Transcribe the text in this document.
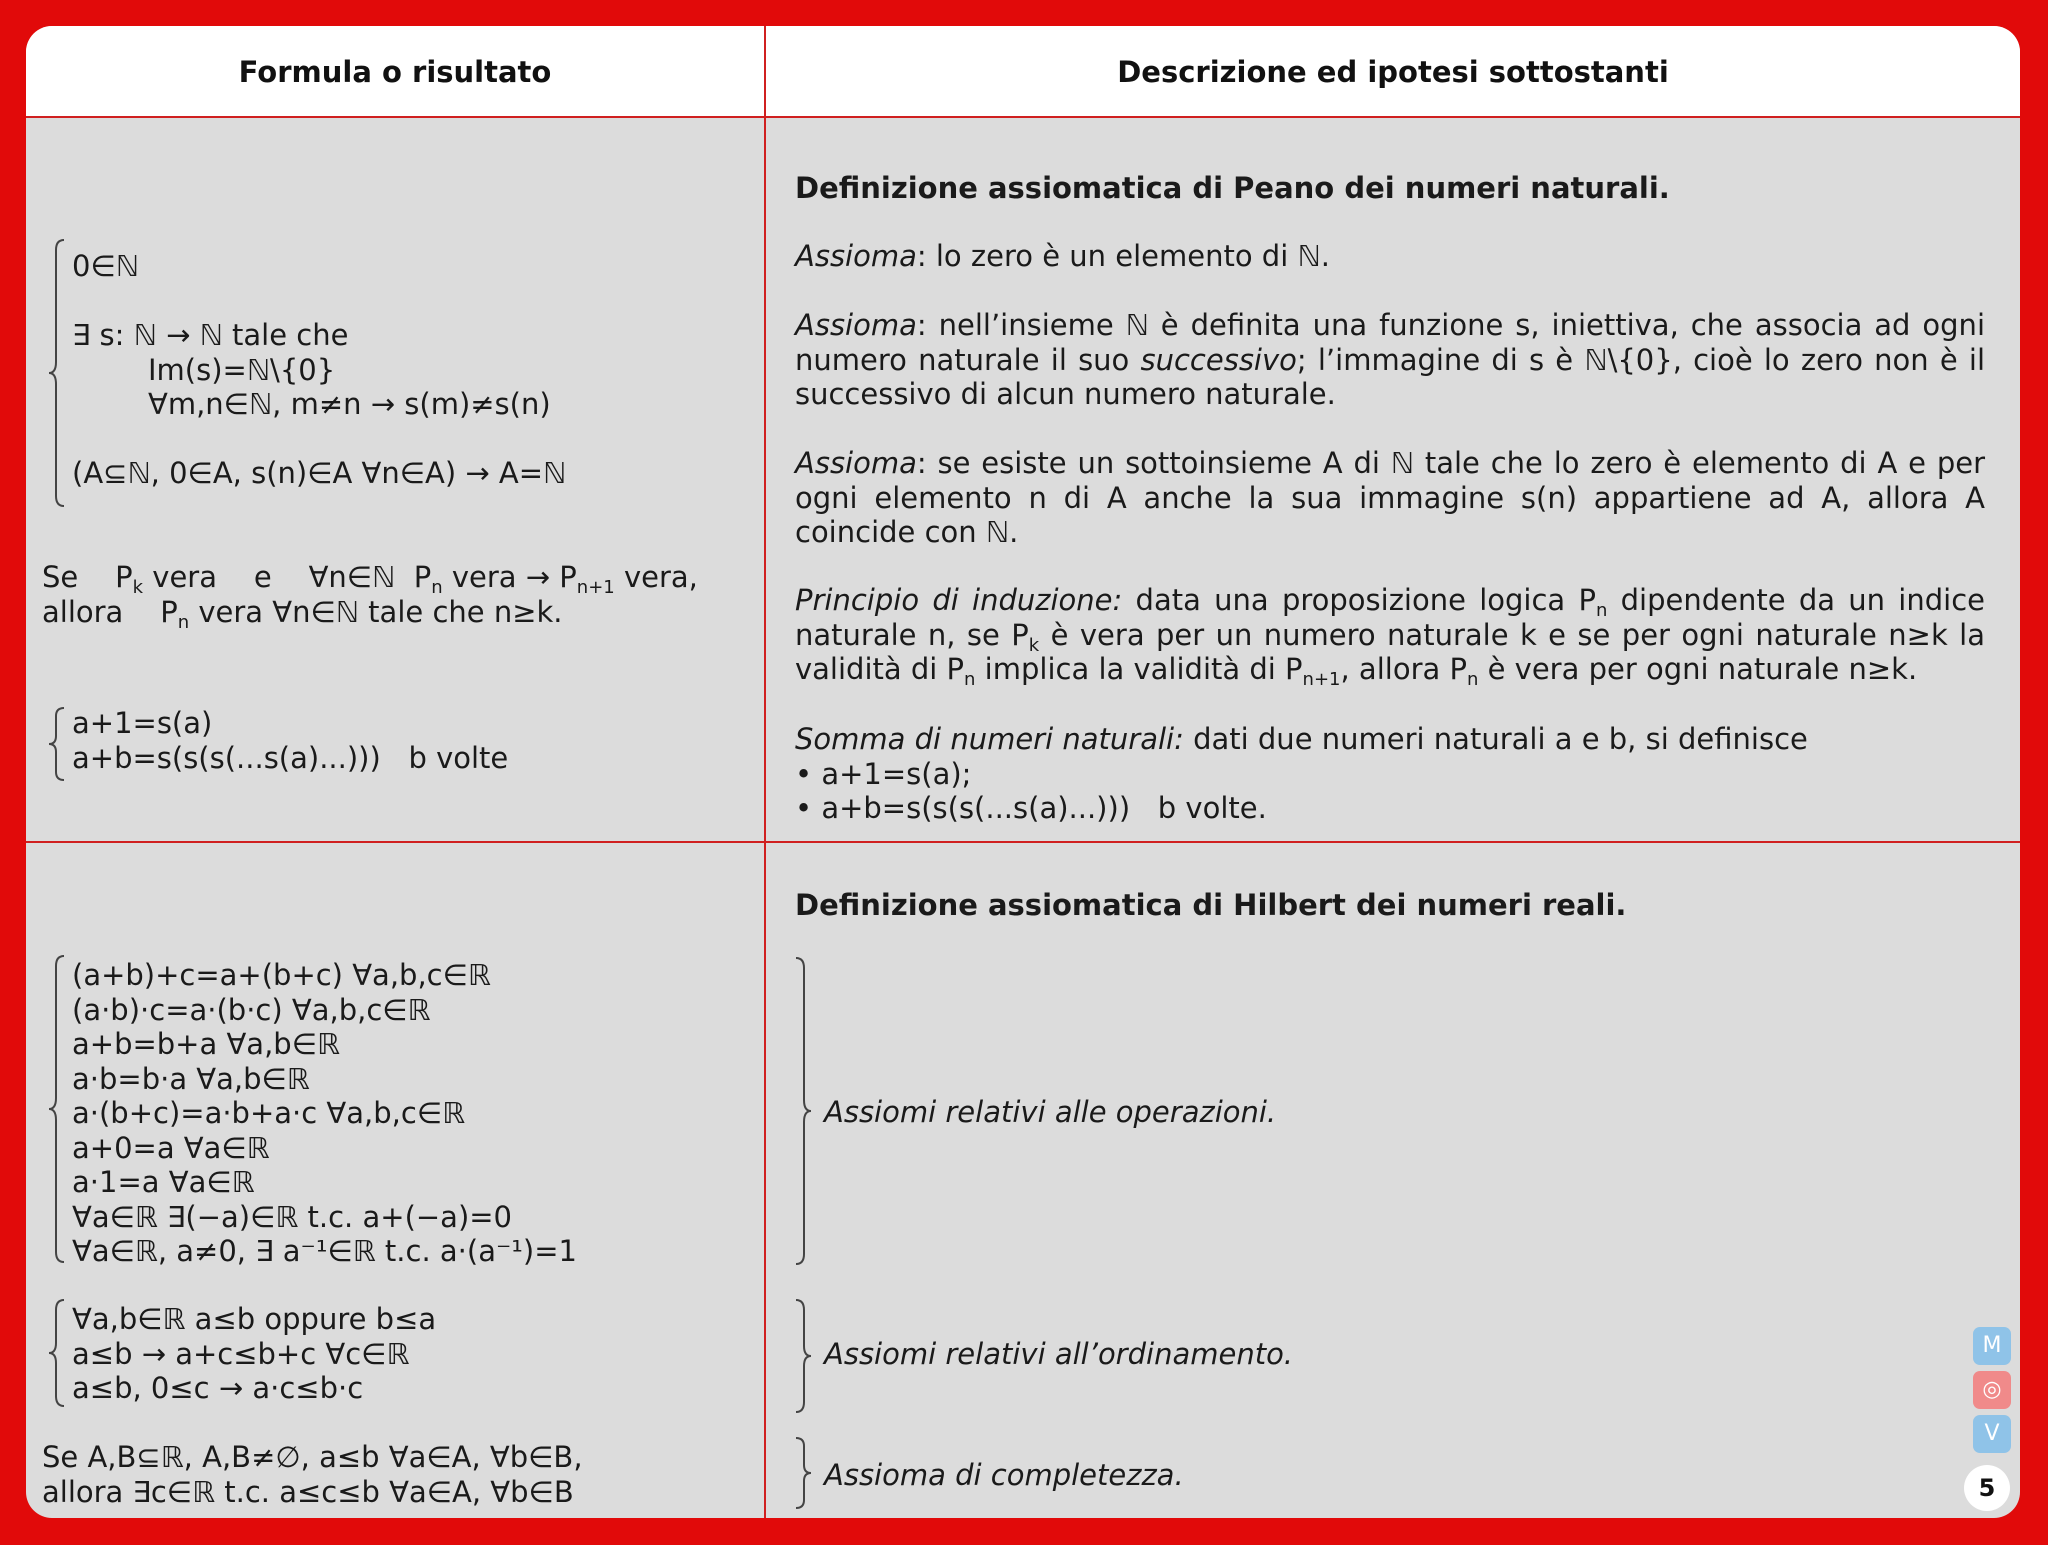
Formula o risultato	Descrizione ed ipotesi sottostanti
0∈ℕ
∃ s: ℕ → ℕ tale che
Im(s)=ℕ\{0}
∀m,n∈ℕ, m≠n → s(m)≠s(n)
(A⊆ℕ, 0∈A, s(n)∈A ∀n∈A) → A=ℕ
Se $P_k$ vera e ∀n∈ℕ $P_n$ vera → $P_{n+1}$ vera,
allora $P_n$ vera ∀n∈ℕ tale che n≥k.
a+1=s(a)
a+b=s(s(s(...s(a)...))) b volte
Definizione assiomatica di Peano dei numeri naturali.
Assioma: lo zero è un elemento di ℕ.
Assioma: nell’insieme ℕ è definita una funzione s, iniettiva, che associa ad ogni numero naturale il suo successivo; l’immagine di s è ℕ\{0}, cioè lo zero non è il successivo di alcun numero naturale.
Assioma: se esiste un sottoinsieme A di ℕ tale che lo zero è elemento di A e per ogni elemento n di A anche la sua immagine s(n) appartiene ad A, allora A coincide con ℕ.
Principio di induzione: data una proposizione logica $P_n$ dipendente da un indice naturale n, se $P_k$ è vera per un numero naturale k e se per ogni naturale n≥k la validità di $P_n$ implica la validità di $P_{n+1}$, allora $P_n$ è vera per ogni naturale n≥k.
Somma di numeri naturali: dati due numeri naturali a e b, si definisce
• a+1=s(a);
• a+b=s(s(s(...s(a)...))) b volte.
(a+b)+c=a+(b+c) ∀a,b,c∈ℝ
(a·b)·c=a·(b·c) ∀a,b,c∈ℝ
a+b=b+a ∀a,b∈ℝ
a·b=b·a ∀a,b∈ℝ
a·(b+c)=a·b+a·c ∀a,b,c∈ℝ
a+0=a ∀a∈ℝ
a·1=a ∀a∈ℝ
∀a∈ℝ ∃(−a)∈ℝ t.c. a+(−a)=0
∀a∈ℝ, a≠0, ∃ a⁻¹∈ℝ t.c. a·(a⁻¹)=1
∀a,b∈ℝ a≤b oppure b≤a
a≤b → a+c≤b+c ∀c∈ℝ
a≤b, 0≤c → a·c≤b·c
Se A,B⊆ℝ, A,B≠∅, a≤b ∀a∈A, ∀b∈B,
allora ∃c∈ℝ t.c. a≤c≤b ∀a∈A, ∀b∈B
Definizione assiomatica di Hilbert dei numeri reali.
Assiomi relativi alle operazioni.
Assiomi relativi all’ordinamento.
Assioma di completezza.
M
◎
V
5
